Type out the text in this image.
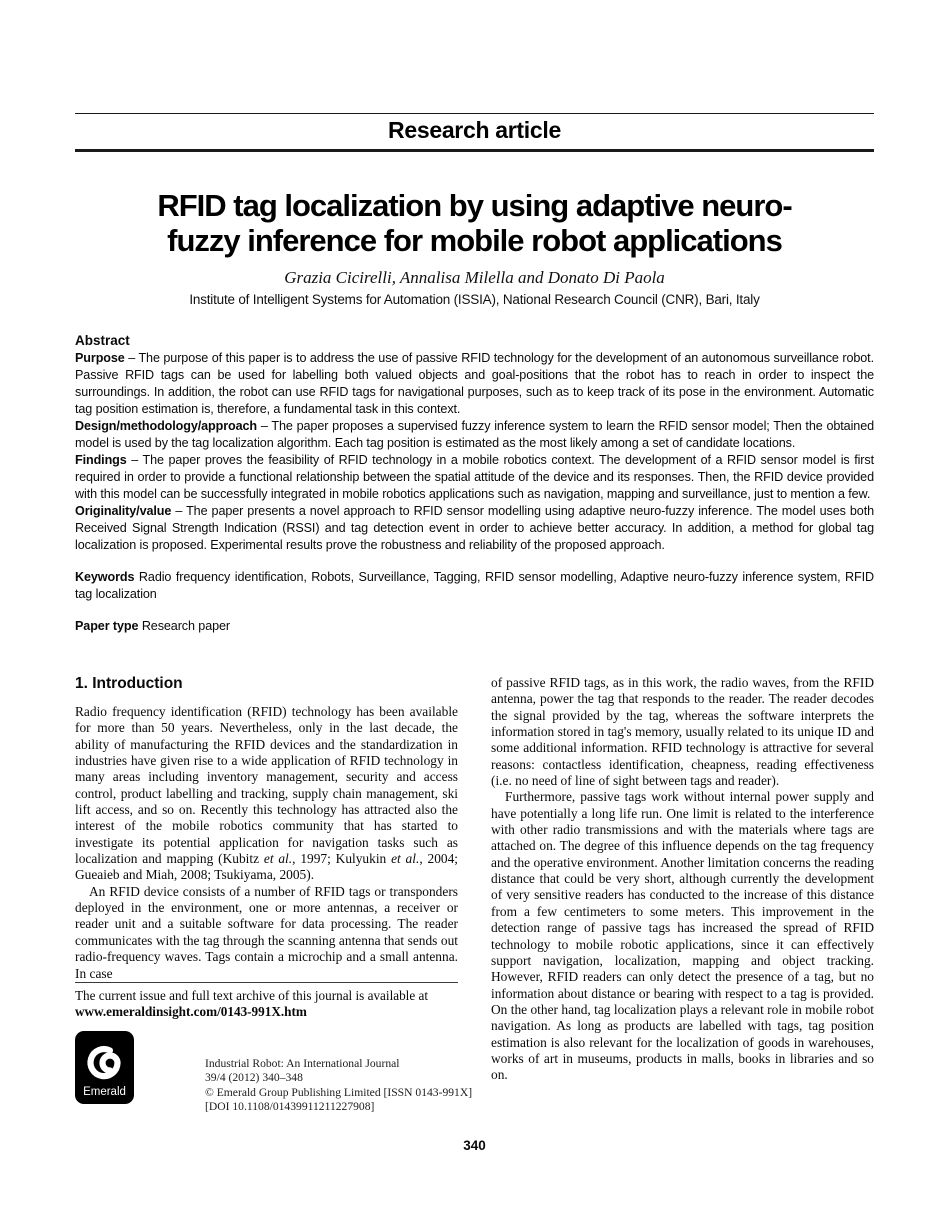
Research article
RFID tag localization by using adaptive neuro-
fuzzy inference for mobile robot applications
Grazia Cicirelli, Annalisa Milella and Donato Di Paola
Institute of Intelligent Systems for Automation (ISSIA), National Research Council (CNR), Bari, Italy
Abstract

Purpose – The purpose of this paper is to address the use of passive RFID technology for the development of an autonomous surveillance robot. Passive RFID tags can be used for labelling both valued objects and goal-positions that the robot has to reach in order to inspect the surroundings. In addition, the robot can use RFID tags for navigational purposes, such as to keep track of its pose in the environment. Automatic tag position estimation is, therefore, a fundamental task in this context.

Design/methodology/approach – The paper proposes a supervised fuzzy inference system to learn the RFID sensor model; Then the obtained model is used by the tag localization algorithm. Each tag position is estimated as the most likely among a set of candidate locations.

Findings – The paper proves the feasibility of RFID technology in a mobile robotics context. The development of a RFID sensor model is first required in order to provide a functional relationship between the spatial attitude of the device and its responses. Then, the RFID device provided with this model can be successfully integrated in mobile robotics applications such as navigation, mapping and surveillance, just to mention a few.

Originality/value – The paper presents a novel approach to RFID sensor modelling using adaptive neuro-fuzzy inference. The model uses both Received Signal Strength Indication (RSSI) and tag detection event in order to achieve better accuracy. In addition, a method for global tag localization is proposed. Experimental results prove the robustness and reliability of the proposed approach.

Keywords Radio frequency identification, Robots, Surveillance, Tagging, RFID sensor modelling, Adaptive neuro-fuzzy inference system, RFID tag localization

Paper type Research paper

1. Introduction

Radio frequency identification (RFID) technology has been available for more than 50 years. Nevertheless, only in the last decade, the ability of manufacturing the RFID devices and the standardization in industries have given rise to a wide application of RFID technology in many areas including inventory management, security and access control, product labelling and tracking, supply chain management, ski lift access, and so on. Recently this technology has attracted also the interest of the mobile robotics community that has started to investigate its potential application for navigation tasks such as localization and mapping (Kubitz et al., 1997; Kulyukin et al., 2004; Gueaieb and Miah, 2008; Tsukiyama, 2005).

An RFID device consists of a number of RFID tags or transponders deployed in the environment, one or more antennas, a receiver or reader unit and a suitable software for data processing. The reader communicates with the tag through the scanning antenna that sends out radio-frequency waves. Tags contain a microchip and a small antenna. In case

The current issue and full text archive of this journal is available at
www.emeraldinsight.com/0143-991X.htm
Emerald
Industrial Robot: An International Journal
39/4 (2012) 340–348
© Emerald Group Publishing Limited [ISSN 0143-991X]
[DOI 10.1108/01439911211227908]

of passive RFID tags, as in this work, the radio waves, from the RFID antenna, power the tag that responds to the reader. The reader decodes the signal provided by the tag, whereas the software interprets the information stored in tag's memory, usually related to its unique ID and some additional information. RFID technology is attractive for several reasons: contactless identification, cheapness, reading effectiveness (i.e. no need of line of sight between tags and reader).

Furthermore, passive tags work without internal power supply and have potentially a long life run. One limit is related to the interference with other radio transmissions and with the materials where tags are attached on. The degree of this influence depends on the tag frequency and the operative environment. Another limitation concerns the reading distance that could be very short, although currently the development of very sensitive readers has conducted to the increase of this distance from a few centimeters to some meters. This improvement in the detection range of passive tags has increased the spread of RFID technology to mobile robotic applications, since it can effectively support navigation, localization, mapping and object tracking. However, RFID readers can only detect the presence of a tag, but no information about distance or bearing with respect to a tag is provided. On the other hand, tag localization plays a relevant role in mobile robot navigation. As long as products are labelled with tags, tag position estimation is also relevant for the localization of goods in warehouses, works of art in museums, products in malls, books in libraries and so on.

340
